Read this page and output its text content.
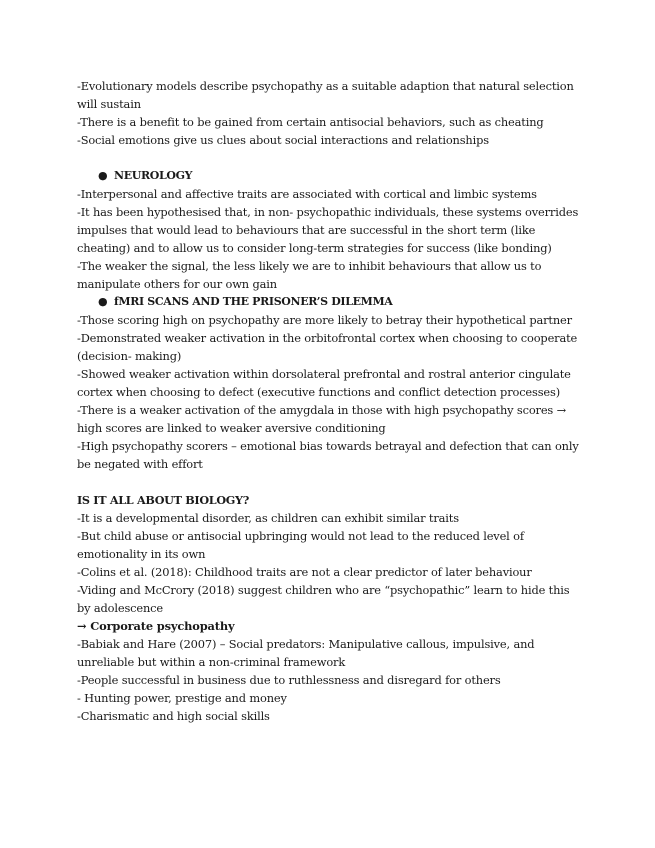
-Evolutionary models describe psychopathy as a suitable adaption that natural selection will sustain

-There is a benefit to be gained from certain antisocial behaviors, such as cheating

-Social emotions give us clues about social interactions and relationships

● NEUROLOGY

-Interpersonal and affective traits are associated with cortical and limbic systems

-It has been hypothesised that, in non- psychopathic individuals, these systems overrides impulses that would lead to behaviours that are successful in the short term (like cheating) and to allow us to consider long-term strategies for success (like bonding)

-The weaker the signal, the less likely we are to inhibit behaviours that allow us to manipulate others for our own gain

● fMRI SCANS AND THE PRISONER’S DILEMMA

-Those scoring high on psychopathy are more likely to betray their hypothetical partner

-Demonstrated weaker activation in the orbitofrontal cortex when choosing to cooperate (decision- making)

-Showed weaker activation within dorsolateral prefrontal and rostral anterior cingulate cortex when choosing to defect (executive functions and conflict detection processes)

-There is a weaker activation of the amygdala in those with high psychopathy scores → high scores are linked to weaker aversive conditioning

-High psychopathy scorers – emotional bias towards betrayal and defection that can only be negated with effort

IS IT ALL ABOUT BIOLOGY?

-It is a developmental disorder, as children can exhibit similar traits

-But child abuse or antisocial upbringing would not lead to the reduced level of emotionality in its own

-Colins et al. (2018): Childhood traits are not a clear predictor of later behaviour

-Viding and McCrory (2018) suggest children who are “psychopathic” learn to hide this by adolescence

→ Corporate psychopathy

-Babiak and Hare (2007) – Social predators: Manipulative callous, impulsive, and unreliable but within a non-criminal framework

-People successful in business due to ruthlessness and disregard for others

- Hunting power, prestige and money

-Charismatic and high social skills
